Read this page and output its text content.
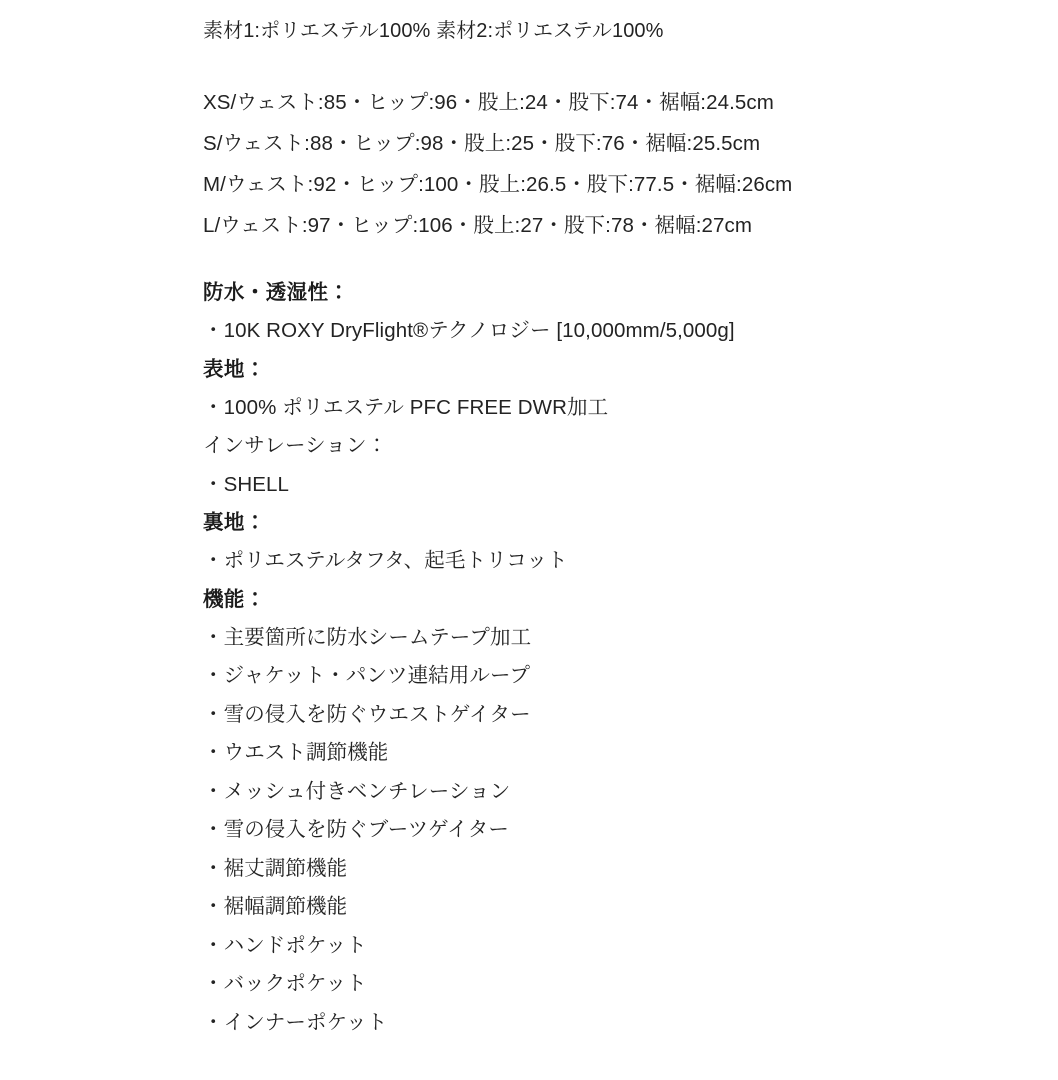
素材1:ポリエステル100% 素材2:ポリエステル100%
XS/ウェスト:85・ヒップ:96・股上:24・股下:74・裾幅:24.5cm
S/ウェスト:88・ヒップ:98・股上:25・股下:76・裾幅:25.5cm
M/ウェスト:92・ヒップ:100・股上:26.5・股下:77.5・裾幅:26cm
L/ウェスト:97・ヒップ:106・股上:27・股下:78・裾幅:27cm
防水・透湿性：
・10K ROXY DryFlight®テクノロジー [10,000mm/5,000g]
表地：
・100% ポリエステル PFC FREE DWR加工
インサレーション：
・SHELL
裏地：
・ポリエステルタフタ、起毛トリコット
機能：
・主要箇所に防水シームテープ加工
・ジャケット・パンツ連結用ループ
・雪の侵入を防ぐウエストゲイター
・ウエスト調節機能
・メッシュ付きベンチレーション
・雪の侵入を防ぐブーツゲイター
・裾丈調節機能
・裾幅調節機能
・ハンドポケット
・バックポケット
・インナーポケット
